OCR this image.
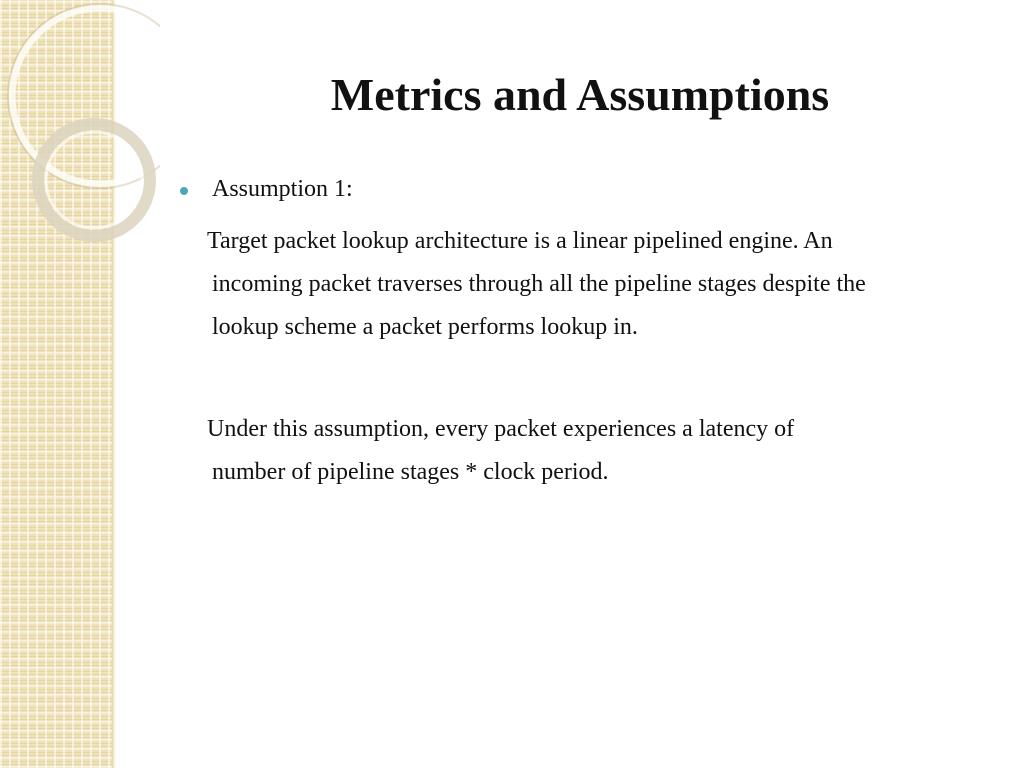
Metrics and Assumptions
Assumption 1:

Target packet lookup architecture is a linear pipelined engine. An
incoming packet traverses through all the pipeline stages despite the
lookup scheme a packet performs lookup in.

Under this assumption, every packet experiences a latency of
number of pipeline stages * clock period.
